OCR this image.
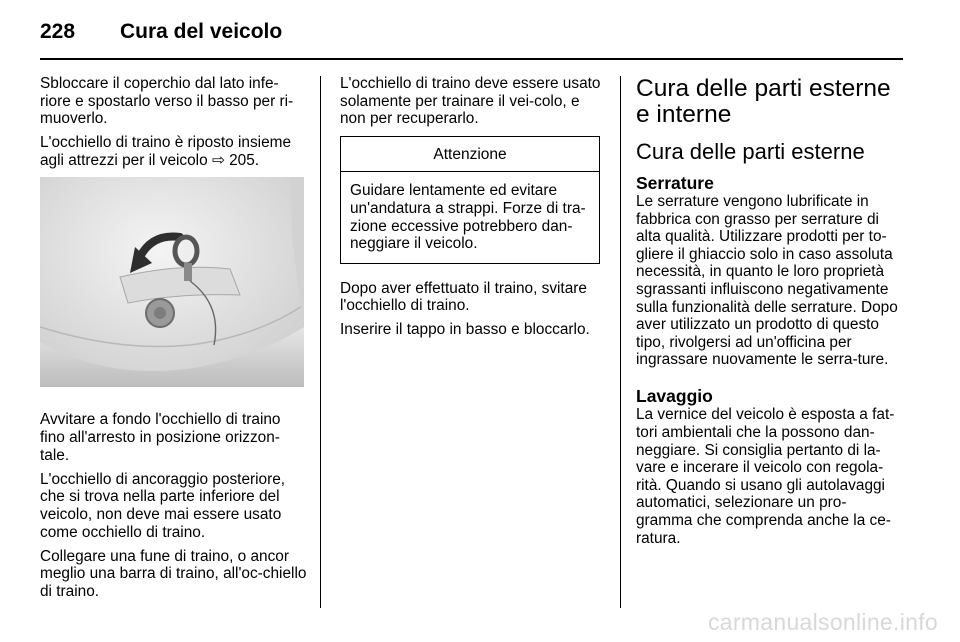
228 Cura del veicolo

Sbloccare il coperchio dal lato infe-riore e spostarlo verso il basso per ri-muoverlo.

L'occhiello di traino è riposto insieme agli attrezzi per il veicolo ⇨ 205.

Avvitare a fondo l'occhiello di traino fino all'arresto in posizione orizzon-tale.

L'occhiello di ancoraggio posteriore, che si trova nella parte inferiore del veicolo, non deve mai essere usato come occhiello di traino.

Collegare una fune di traino, o ancor meglio una barra di traino, all'oc-chiello di traino.

L'occhiello di traino deve essere usato solamente per trainare il vei-colo, e non per recuperarlo.

Attenzione
Guidare lentamente ed evitare un'andatura a strappi. Forze di tra-zione eccessive potrebbero dan-neggiare il veicolo.

Dopo aver effettuato il traino, svitare l'occhiello di traino.

Inserire il tappo in basso e bloccarlo.

Cura delle parti esterne e interne
Cura delle parti esterne
Serrature

Le serrature vengono lubrificate in fabbrica con grasso per serrature di alta qualità. Utilizzare prodotti per to-gliere il ghiaccio solo in caso assoluta necessità, in quanto le loro proprietà sgrassanti influiscono negativamente sulla funzionalità delle serrature. Dopo aver utilizzato un prodotto di questo tipo, rivolgersi ad un'officina per ingrassare nuovamente le serra-ture.

Lavaggio

La vernice del veicolo è esposta a fat-tori ambientali che la possono dan-neggiare. Si consiglia pertanto di la-vare e incerare il veicolo con regola-rità. Quando si usano gli autolavaggi automatici, selezionare un pro-gramma che comprenda anche la ce-ratura.

carmanualsonline.info
